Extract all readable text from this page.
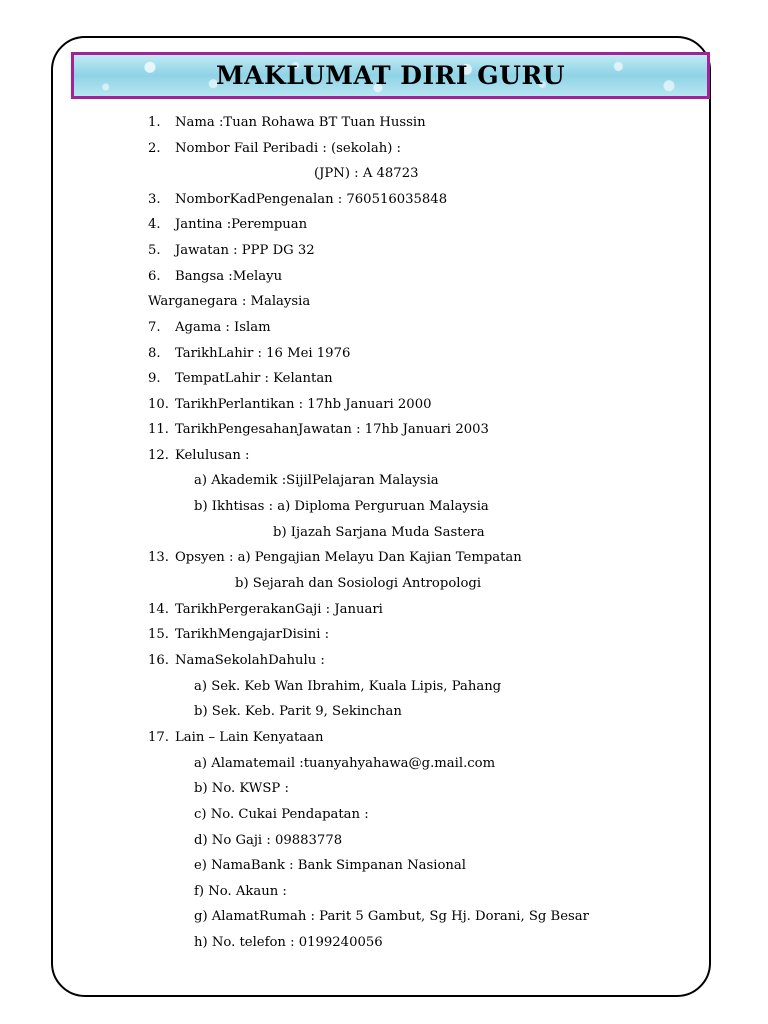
MAKLUMAT DIRI GURU
1. Nama :Tuan Rohawa BT Tuan Hussin
2. Nombor Fail Peribadi : (sekolah) :
(JPN) : A 48723
3. NomborKadPengenalan : 760516035848
4. Jantina :Perempuan
5. Jawatan : PPP DG 32
6. Bangsa :Melayu
Warganegara : Malaysia
7. Agama : Islam
8. TarikhLahir : 16 Mei 1976
9. TempatLahir : Kelantan
10. TarikhPerlantikan : 17hb Januari 2000
11. TarikhPengesahanJawatan : 17hb Januari 2003
12. Kelulusan :
a) Akademik :SijilPelajaran Malaysia
b) Ikhtisas : a) Diploma Perguruan Malaysia
b) Ijazah Sarjana Muda Sastera
13. Opsyen : a) Pengajian Melayu Dan Kajian Tempatan
b) Sejarah dan Sosiologi Antropologi
14. TarikhPergerakanGaji : Januari
15. TarikhMengajarDisini :
16. NamaSekolahDahulu :
a) Sek. Keb Wan Ibrahim, Kuala Lipis, Pahang
b) Sek. Keb. Parit 9, Sekinchan
17. Lain – Lain Kenyataan
a) Alamatemail :tuanyahyahawa@g.mail.com
b) No. KWSP :
c) No. Cukai Pendapatan :
d) No Gaji : 09883778
e) NamaBank : Bank Simpanan Nasional
f) No. Akaun :
g) AlamatRumah : Parit 5 Gambut, Sg Hj. Dorani, Sg Besar
h) No. telefon : 0199240056
